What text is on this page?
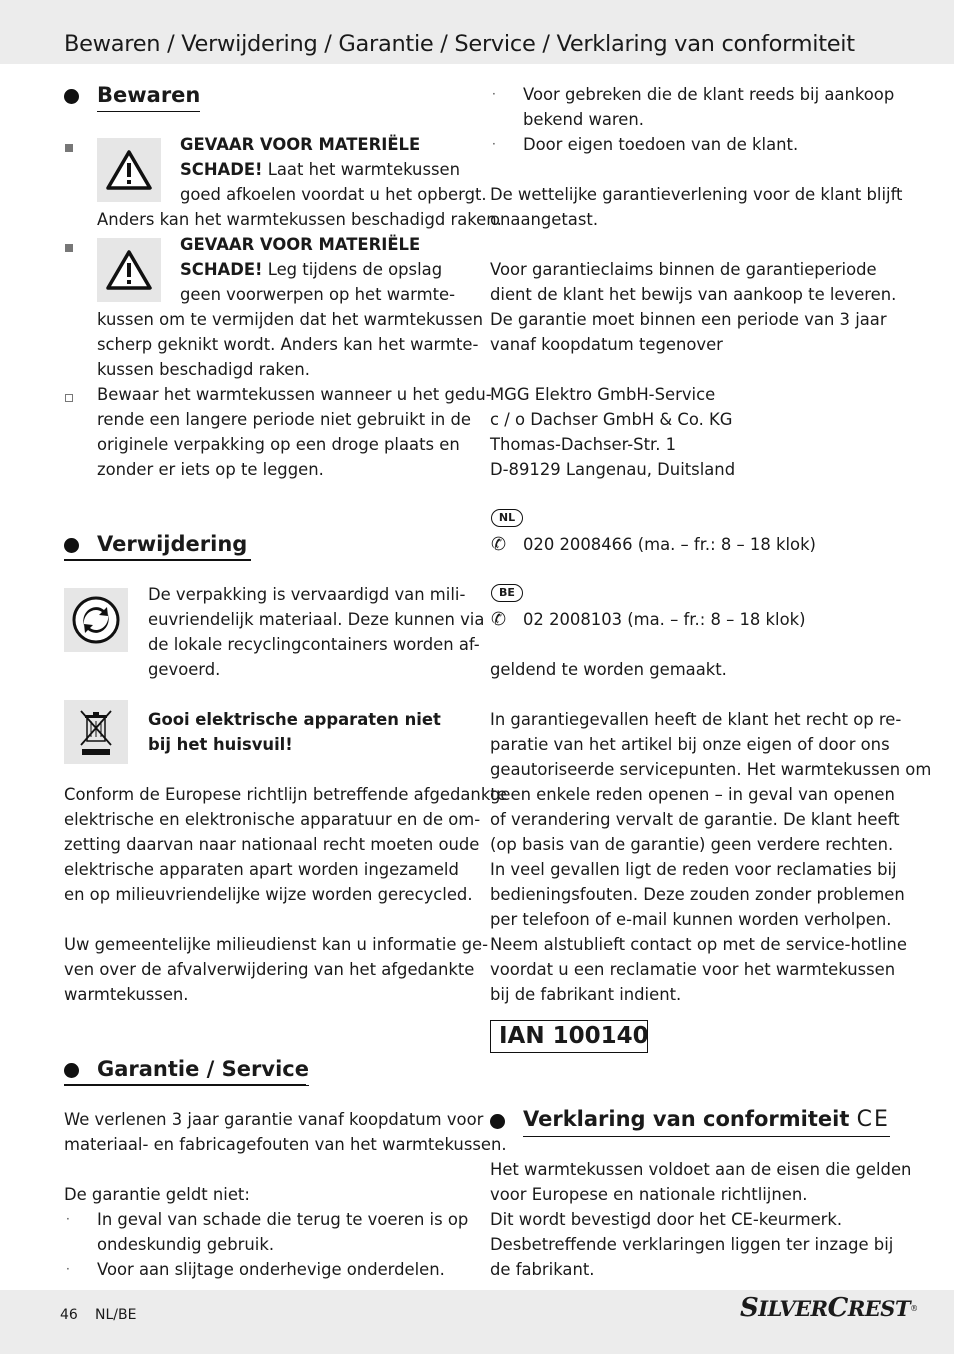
Bewaren / Verwijdering / Garantie / Service / Verklaring van conformiteit
Bewaren
GEVAAR VOOR MATERIËLE
SCHADE! Laat het warmtekussen
goed afkoelen voordat u het opbergt.
Anders kan het warmtekussen beschadigd raken.
GEVAAR VOOR MATERIËLE
SCHADE! Leg tijdens de opslag
geen voorwerpen op het warmte-
kussen om te vermijden dat het warmtekussen
scherp geknikt wordt. Anders kan het warmte-
kussen beschadigd raken.
Bewaar het warmtekussen wanneer u het gedu-
rende een langere periode niet gebruikt in de
originele verpakking op een droge plaats en
zonder er iets op te leggen.
Verwijdering
De verpakking is vervaardigd van mili-
euvriendelijk materiaal. Deze kunnen via
de lokale recyclingcontainers worden af-
gevoerd.
Gooi elektrische apparaten niet
bij het huisvuil!
Conform de Europese richtlijn betreffende afgedankte
elektrische en elektronische apparatuur en de om-
zetting daarvan naar nationaal recht moeten oude
elektrische apparaten apart worden ingezameld
en op milieuvriendelijke wijze worden gerecycled.
Uw gemeentelijke milieudienst kan u informatie ge-
ven over de afvalverwijdering van het afgedankte
warmtekussen.
Garantie / Service
We verlenen 3 jaar garantie vanaf koopdatum voor
materiaal- en fabricagefouten van het warmtekussen.
De garantie geldt niet:
· In geval van schade die terug te voeren is op
ondeskundig gebruik.
· Voor aan slijtage onderhevige onderdelen.
· Voor gebreken die de klant reeds bij aankoop
bekend waren.
· Door eigen toedoen van de klant.
De wettelijke garantieverlening voor de klant blijft
onaangetast.
Voor garantieclaims binnen de garantieperiode
dient de klant het bewijs van aankoop te leveren.
De garantie moet binnen een periode van 3 jaar
vanaf koopdatum tegenover
MGG Elektro GmbH-Service
c / o Dachser GmbH & Co. KG
Thomas-Dachser-Str. 1
D-89129 Langenau, Duitsland
NL
✆ 020 2008466 (ma. – fr.: 8 – 18 klok)
BE
✆ 02 2008103 (ma. – fr.: 8 – 18 klok)
geldend te worden gemaakt.
In garantiegevallen heeft de klant het recht op re-
paratie van het artikel bij onze eigen of door ons
geautoriseerde servicepunten. Het warmtekussen om
geen enkele reden openen – in geval van openen
of verandering vervalt de garantie. De klant heeft
(op basis van de garantie) geen verdere rechten.
In veel gevallen ligt de reden voor reclamaties bij
bedieningsfouten. Deze zouden zonder problemen
per telefoon of e-mail kunnen worden verholpen.
Neem alstublieft contact op met de service-hotline
voordat u een reclamatie voor het warmtekussen
bij de fabrikant indient.
IAN 100140
Verklaring van conformiteit CE
Het warmtekussen voldoet aan de eisen die gelden
voor Europese en nationale richtlijnen.
Dit wordt bevestigd door het CE-keurmerk.
Desbetreffende verklaringen liggen ter inzage bij
de fabrikant.
46 NL/BE	SILVERCREST®
